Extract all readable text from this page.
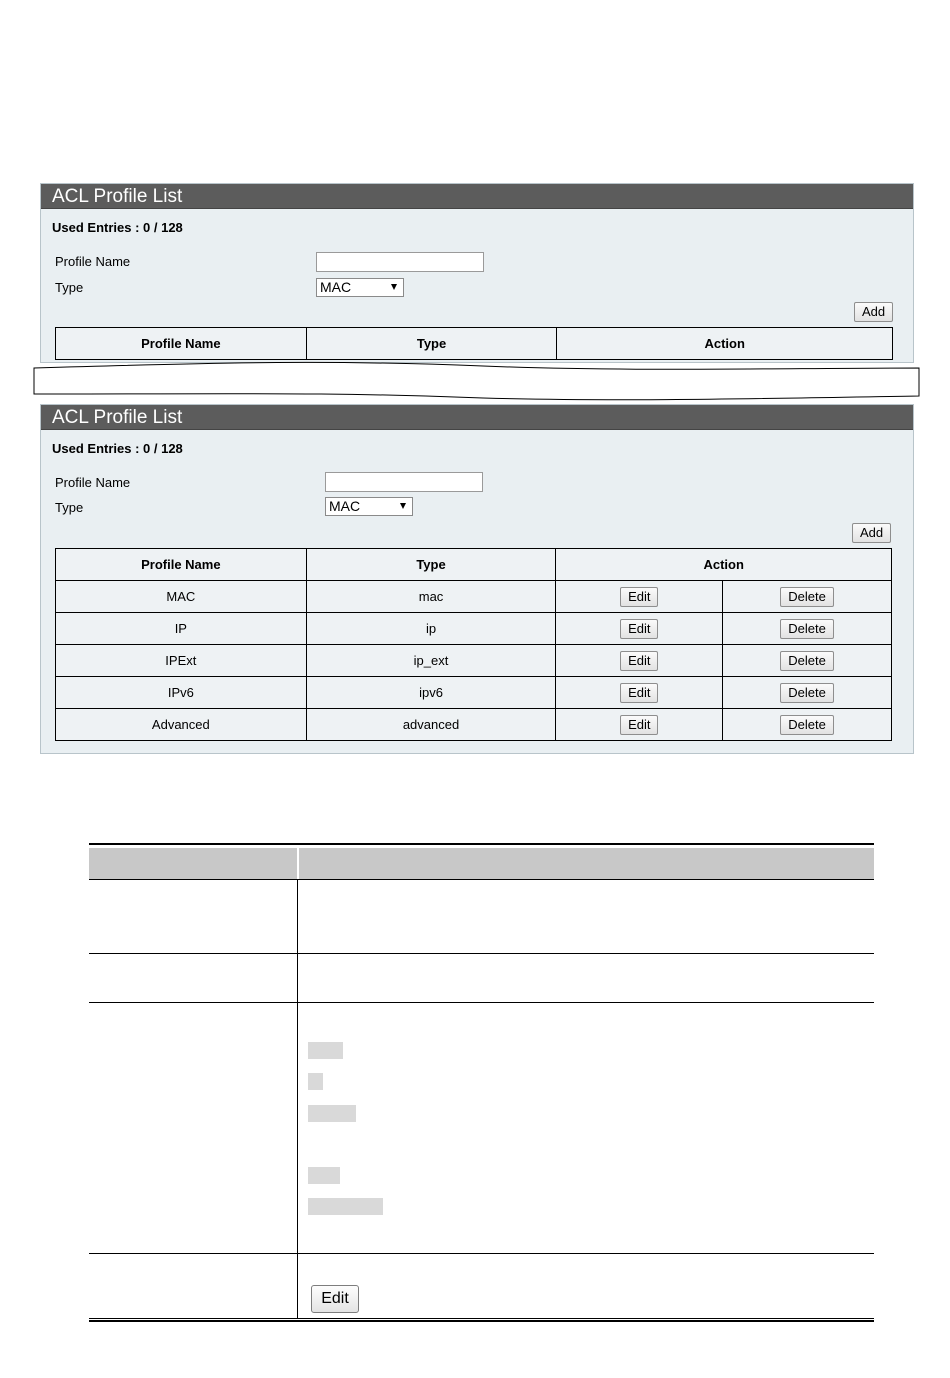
ACL Profile List
Used Entries : 0 / 128
Profile Name
Type	MAC
Add
Profile Name	Type	Action
ACL Profile List
Used Entries : 0 / 128
Profile Name
Type	MAC
Add
Profile Name	Type	Action	
MAC	mac	Edit	Delete
IP	ip	Edit	Delete
IPExt	ip_ext	Edit	Delete
IPv6	ipv6	Edit	Delete
Advanced	advanced	Edit	Delete
Edit
